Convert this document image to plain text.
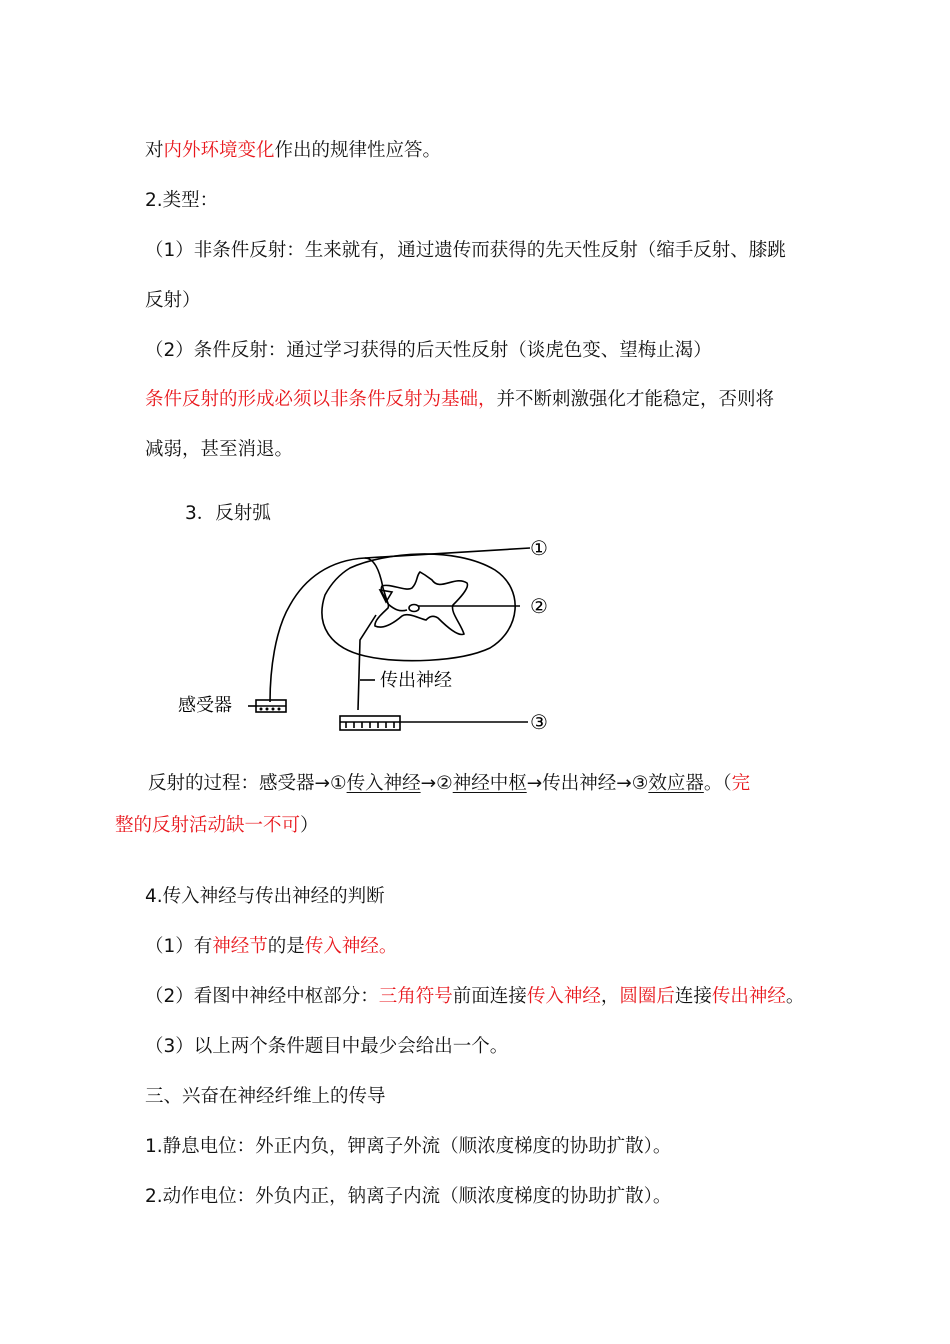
对内外环境变化作出的规律性应答。
2.类型：
（1）非条件反射：生来就有，通过遗传而获得的先天性反射（缩手反射、膝跳
反射）
（2）条件反射：通过学习获得的后天性反射（谈虎色变、望梅止渴）
条件反射的形成必须以非条件反射为基础，并不断刺激强化才能稳定，否则将
减弱，甚至消退。
3．反射弧
①
②
③
感受器
传出神经
反射的过程：感受器→①传入神经→②神经中枢→传出神经→③效应器。（完
整的反射活动缺一不可）
4.传入神经与传出神经的判断
（1）有神经节的是传入神经。
（2）看图中神经中枢部分：三角符号前面连接传入神经，圆圈后连接传出神经。
（3）以上两个条件题目中最少会给出一个。
三、兴奋在神经纤维上的传导
1.静息电位：外正内负，钾离子外流（顺浓度梯度的协助扩散）。
2.动作电位：外负内正，钠离子内流（顺浓度梯度的协助扩散）。
